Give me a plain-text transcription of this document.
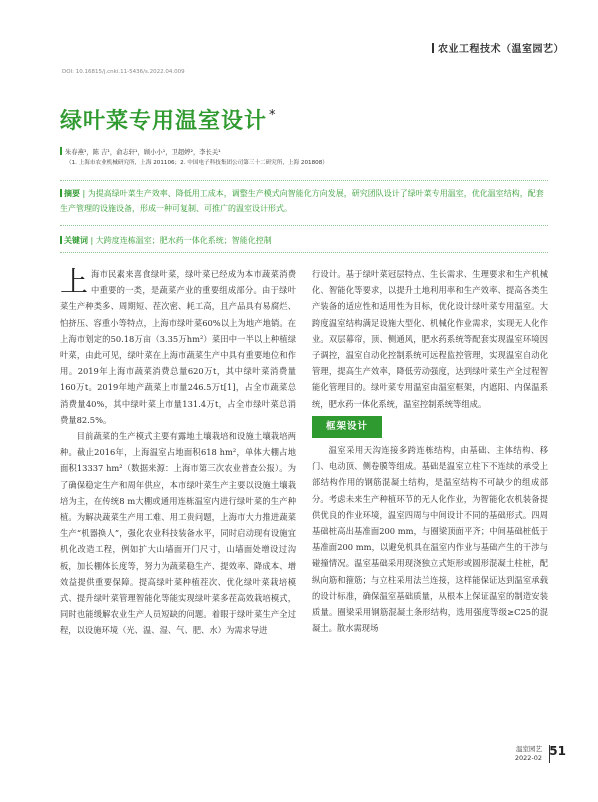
农业工程技术（温室园艺）
DOI: 10.16815/j.cnki.11-5436/s.2022.04.009
绿叶菜专用温室设计 *
朱春燕¹，陈 吉¹，俞志轩¹，顾小小¹，卫超婷²，李长关¹
（1. 上海市农业机械研究所，上海 201106；2. 中国电子科技集团公司第三十二研究所，上海 201808）
摘要 | 为提高绿叶菜生产效率、降低用工成本，调整生产模式向智能化方向发展，研究团队设计了绿叶菜专用温室，优化温室结构，配套生产管理的设施设备，形成一种可复制、可推广的温室设计形式。
关键词 | 大跨度连栋温室；肥水药一体化系统；智能化控制

上海市民素来喜食绿叶菜，绿叶菜已经成为本市蔬菜消费中重要的一类，是蔬菜产业的重要组成部分。由于绿叶菜生产种类多、周期短、茬次密、耗工高，且产品具有易腐烂、怕挤压、容重小等特点，上海市绿叶菜60%以上为地产地销。在上海市划定的50.18万亩（3.35万hm²）菜田中一半以上种植绿叶菜，由此可见，绿叶菜在上海市蔬菜生产中具有重要地位和作用。2019年上海市蔬菜消费总量620万t，其中绿叶菜消费量160万t。2019年地产蔬菜上市量246.5万t[1]，占全市蔬菜总消费量40%，其中绿叶菜上市量131.4万t，占全市绿叶菜总消费量82.5%。

目前蔬菜的生产模式主要有露地土壤栽培和设施土壤栽培两种。截止2016年，上海温室占地面积618 hm²，单体大棚占地面积13337 hm²（数据来源：上海市第三次农业普查公报）。为了确保稳定生产和周年供应，本市绿叶菜生产主要以设施土壤栽培为主，在传统8 m大棚或通用连栋温室内进行绿叶菜的生产种植。为解决蔬菜生产用工难、用工贵问题，上海市大力推进蔬菜生产“机器换人”，强化农业科技装备水平，同时启动现有设施宜机化改造工程，例如扩大山墙面开门尺寸，山墙面处增设过沟板，加长棚体长度等，努力为蔬菜稳生产、提效率、降成本、增效益提供重要保障。提高绿叶菜种植茬次、优化绿叶菜栽培模式、提升绿叶菜管理智能化等能实现绿叶菜多茬高效栽培模式，同时也能缓解农业生产人员短缺的问题。着眼于绿叶菜生产全过程，以设施环境（光、温、湿、气、肥、水）为需求导进

行设计。基于绿叶菜冠层特点、生长需求、生理要求和生产机械化、智能化等要求，以提升土地利用率和生产效率、提高各类生产装备的适应性和适用性为目标，优化设计绿叶菜专用温室。大跨度温室结构满足设施大型化、机械化作业需求，实现无人化作业。双层幕帘，顶、侧通风，肥水药系统等配套实现温室环境因子调控，温室自动化控制系统可远程监控管理，实现温室自动化管理，提高生产效率，降低劳动强度，达到绿叶菜生产全过程智能化管理目的。绿叶菜专用温室由温室框架，内遮阳、内保温系统，肥水药一体化系统，温室控制系统等组成。

框架设计

温室采用天沟连接多跨连栋结构，由基础、主体结构、移门、电动顶、侧卷膜等组成。基础是温室立柱下不连续的承受上部结构作用的钢筋混凝土结构，是温室结构不可缺少的组成部分。考虑未来生产种植环节的无人化作业，为智能化农机装备提供优良的作业环境，温室四周与中间设计不同的基础形式。四周基础桩高出基准面200 mm，与圈梁顶面平齐；中间基础桩低于基准面200 mm，以避免机具在温室内作业与基础产生的干涉与碰撞情况。温室基础采用现浇独立式矩形或圆形混凝土柱桩，配纵向筋和箍筋；与立柱采用法兰连接，这样能保证达到温室承载的设计标准，确保温室基础质量，从根本上保证温室的制造安装质量。圈梁采用钢筋混凝土条形结构，选用强度等级≥C25的混凝土。散水需现场

温室园艺
2022-02 51
